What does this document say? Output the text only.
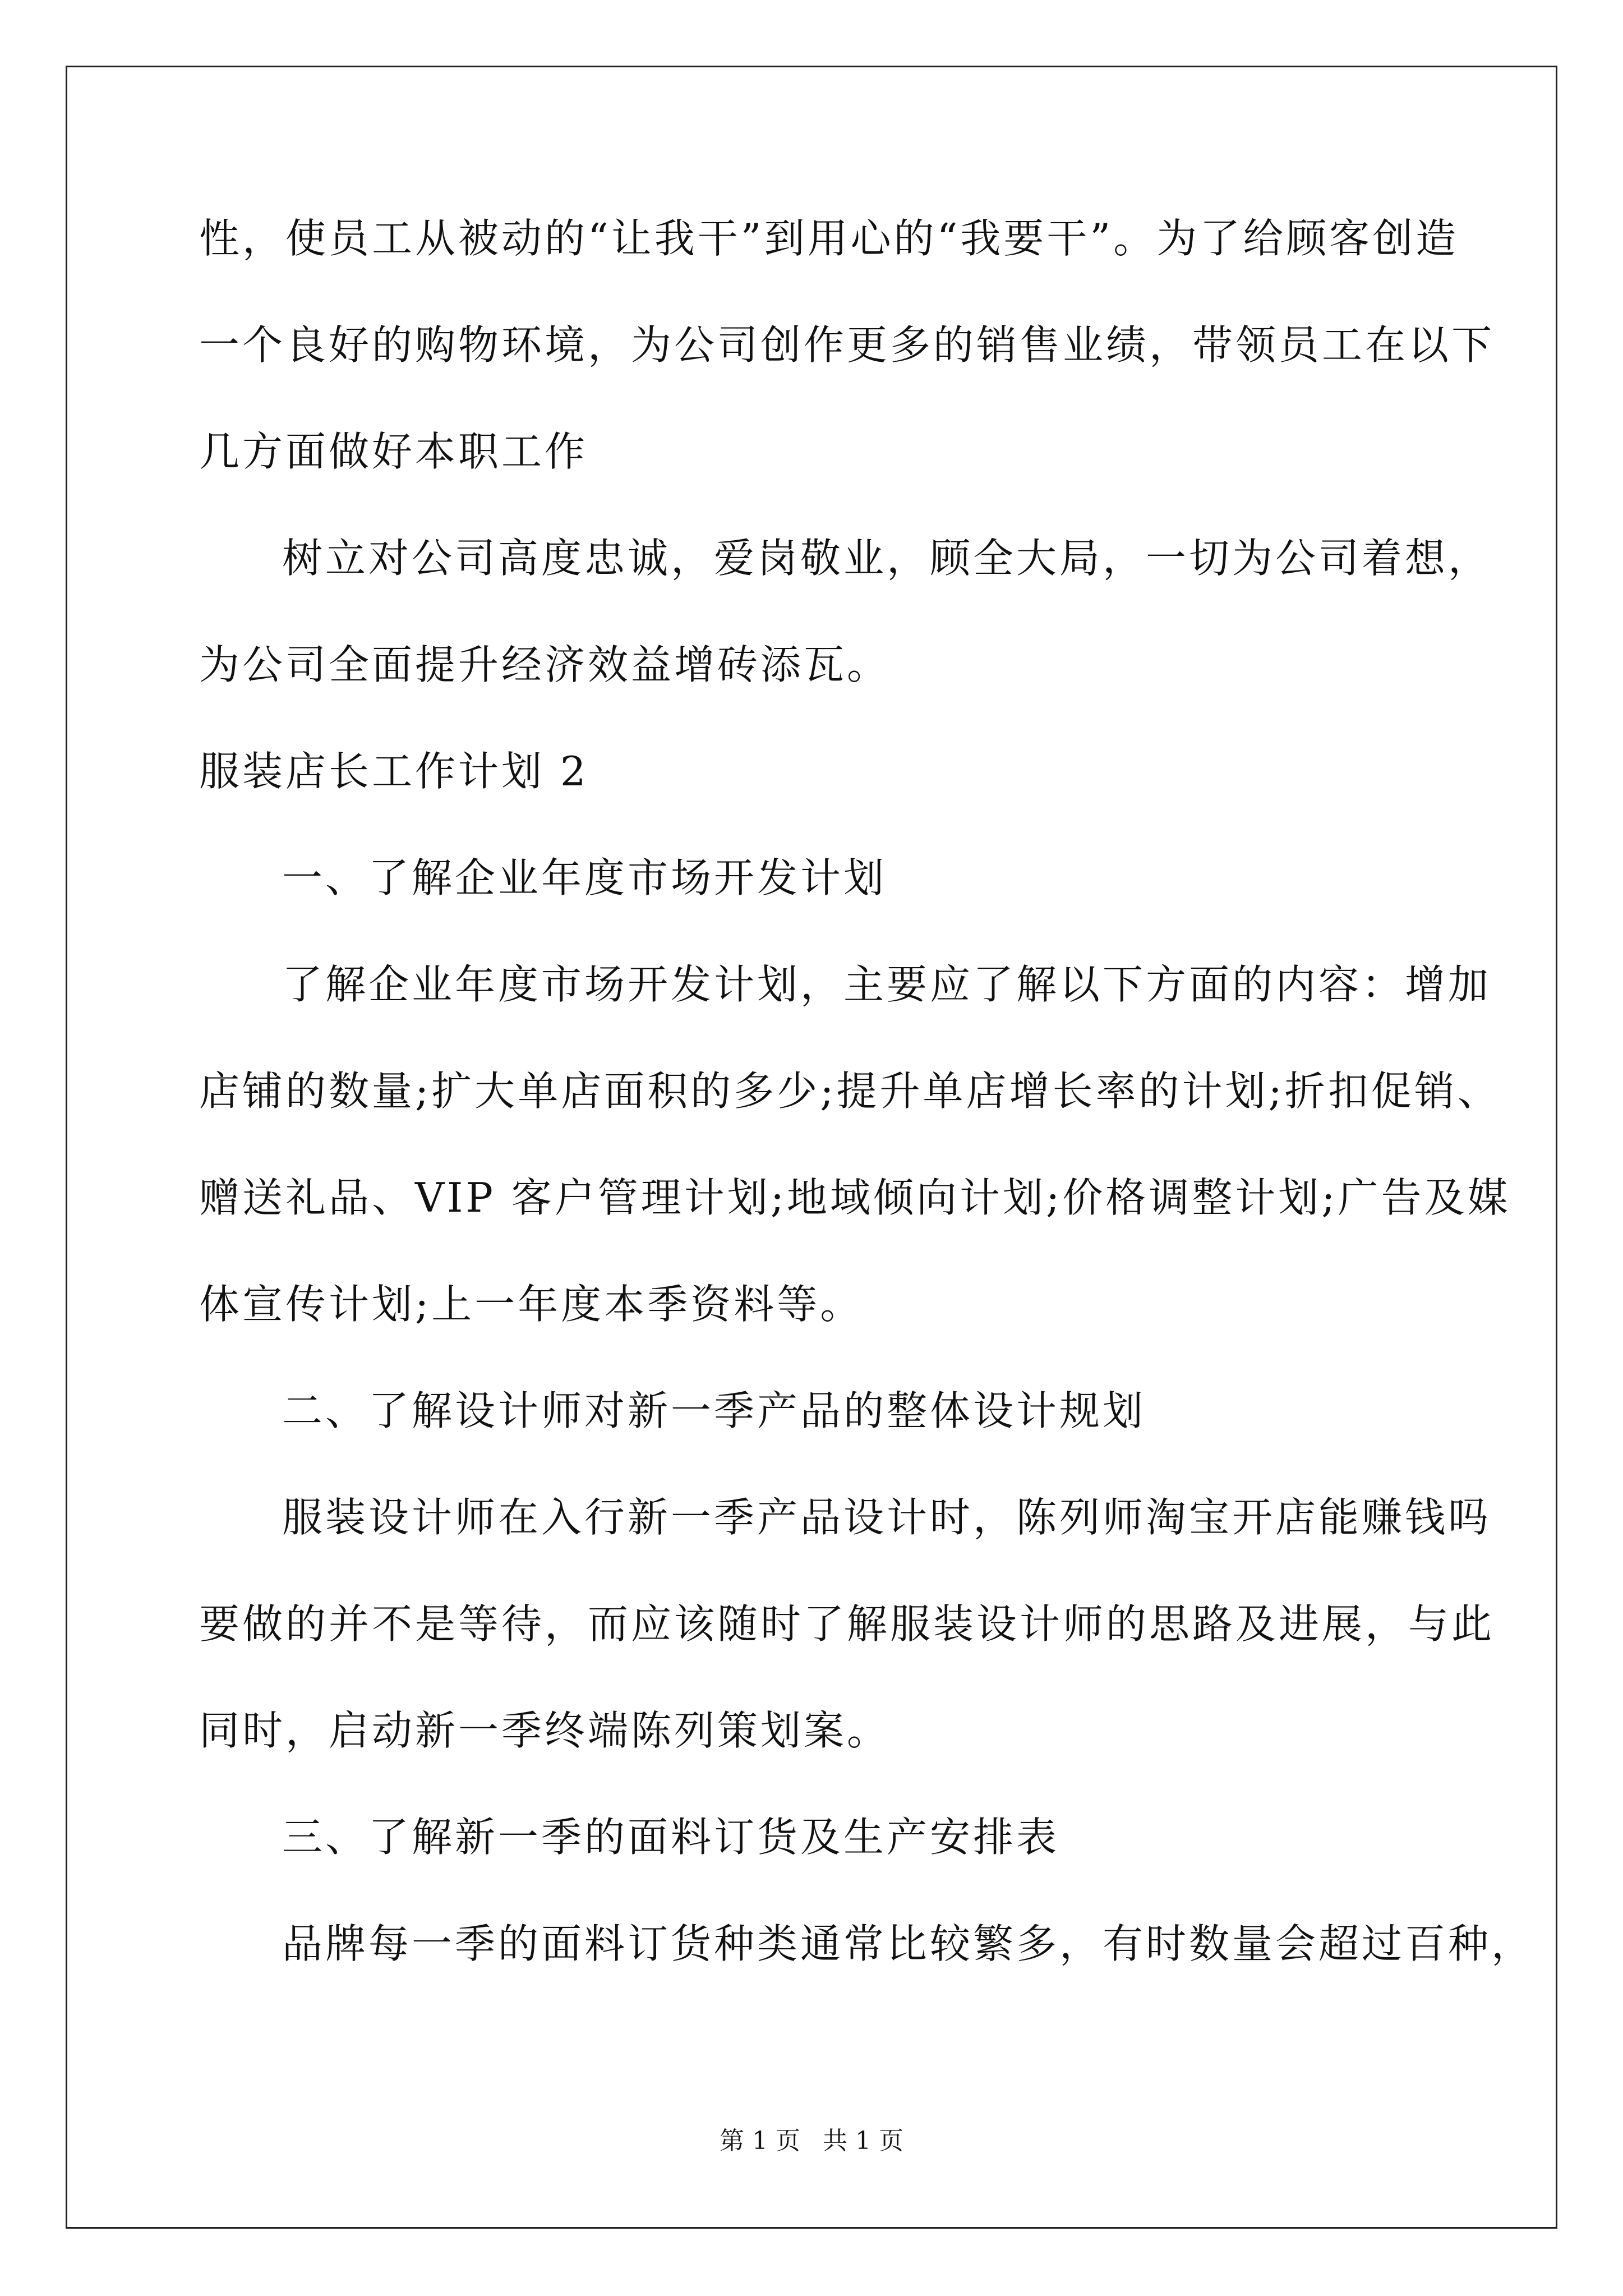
性，使员工从被动的“让我干”到用心的“我要干”。为了给顾客创造
一个良好的购物环境，为公司创作更多的销售业绩，带领员工在以下
几方面做好本职工作
树立对公司高度忠诚，爱岗敬业，顾全大局，一切为公司着想，
为公司全面提升经济效益增砖添瓦。
服装店长工作计划 2
一、了解企业年度市场开发计划
了解企业年度市场开发计划，主要应了解以下方面的内容：增加
店铺的数量;扩大单店面积的多少;提升单店增长率的计划;折扣促销、
赠送礼品、VIP 客户管理计划;地域倾向计划;价格调整计划;广告及媒
体宣传计划;上一年度本季资料等。
二、了解设计师对新一季产品的整体设计规划
服装设计师在入行新一季产品设计时，陈列师淘宝开店能赚钱吗
要做的并不是等待，而应该随时了解服装设计师的思路及进展，与此
同时，启动新一季终端陈列策划案。
三、了解新一季的面料订货及生产安排表
品牌每一季的面料订货种类通常比较繁多，有时数量会超过百种，
第 1 页 共 1 页
